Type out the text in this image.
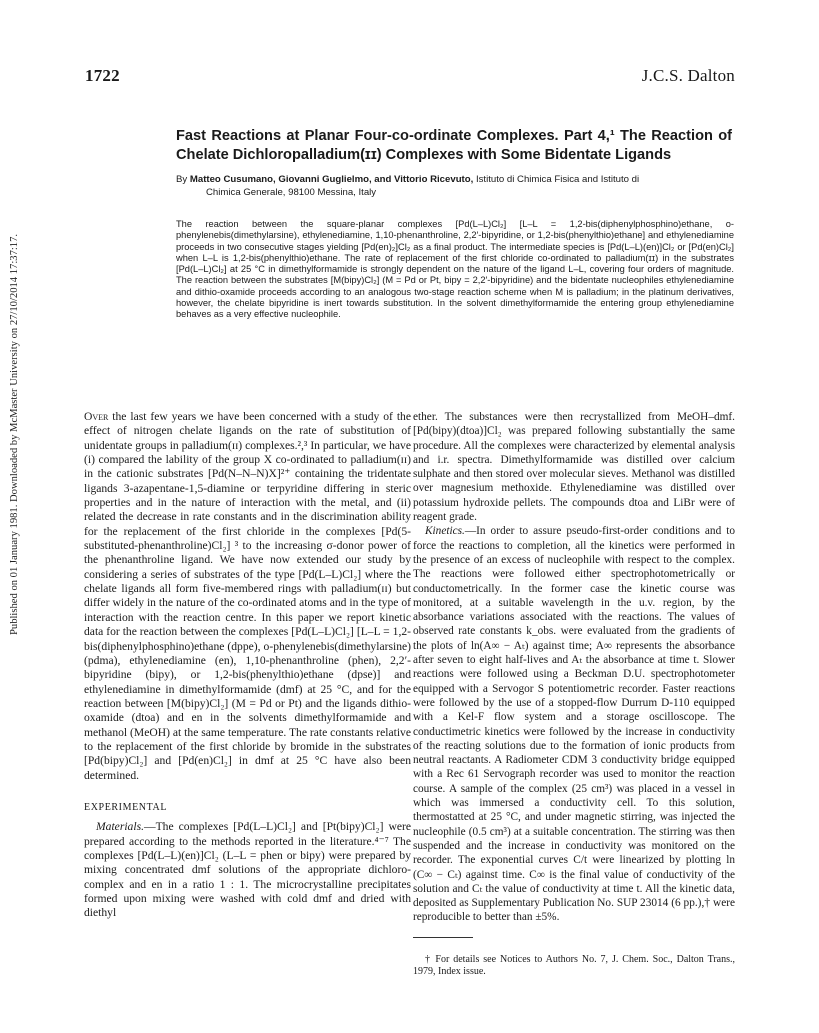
Published on 01 January 1981. Downloaded by McMaster University on 27/10/2014 17:37:17.
1722	J.C.S. Dalton
Fast Reactions at Planar Four-co-ordinate Complexes. Part 4,¹ The Reaction of Chelate Dichloropalladium(ɪɪ) Complexes with Some Bidentate Ligands
By Matteo Cusumano, Giovanni Guglielmo, and Vittorio Ricevuto, Istituto di Chimica Fisica and Istituto di
Chimica Generale, 98100 Messina, Italy

The reaction between the square-planar complexes [Pd(L–L)Cl₂] [L–L = 1,2-bis(diphenylphosphino)ethane, o-phenylenebis(dimethylarsine), ethylenediamine, 1,10-phenanthroline, 2,2′-bipyridine, or 1,2-bis(phenylthio)ethane] and ethylenediamine proceeds in two consecutive stages yielding [Pd(en)₂]Cl₂ as a final product. The intermediate species is [Pd(L–L)(en)]Cl₂ or [Pd(en)Cl₂] when L–L is 1,2-bis(phenylthio)ethane. The rate of replacement of the first chloride co-ordinated to palladium(ɪɪ) in the substrates [Pd(L–L)Cl₂] at 25 °C in dimethylformamide is strongly dependent on the nature of the ligand L–L, covering four orders of magnitude. The reaction between the substrates [M(bipy)Cl₂] (M = Pd or Pt, bipy = 2,2′-bipyridine) and the bidentate nucleophiles ethylenediamine and dithio-oxamide proceeds according to an analogous two-stage reaction scheme when M is palladium; in the platinum derivatives, however, the chelate bipyridine is inert towards substitution. In the solvent dimethylformamide the entering group ethylenediamine behaves as a very effective nucleophile.

Over the last few years we have been concerned with a study of the effect of nitrogen chelate ligands on the rate of substitution of unidentate groups in palladium(ɪɪ) complexes.²,³ In particular, we have (i) compared the lability of the group X co-ordinated to palladium(ɪɪ) in the cationic substrates [Pd(N–N–N)X]²⁺ containing the tridentate ligands 3-azapentane-1,5-diamine or terpyridine differing in steric properties and in the nature of interaction with the metal, and (ii) related the decrease in rate constants and in the discrimination ability for the replacement of the first chloride in the complexes [Pd(5-substituted-phenanthroline)Cl₂] ³ to the increasing σ-donor power of the phenanthroline ligand. We have now extended our study by considering a series of substrates of the type [Pd(L–L)Cl₂] where the chelate ligands all form five-membered rings with palladium(ɪɪ) but differ widely in the nature of the co-ordinated atoms and in the type of interaction with the reaction centre. In this paper we report kinetic data for the reaction between the complexes [Pd(L–L)Cl₂] [L–L = 1,2-bis(diphenylphosphino)ethane (dppe), o-phenylenebis(dimethylarsine) (pdma), ethylenediamine (en), 1,10-phenanthroline (phen), 2,2′-bipyridine (bipy), or 1,2-bis(phenylthio)ethane (dpse)] and ethylenediamine in dimethylformamide (dmf) at 25 °C, and for the reaction between [M(bipy)Cl₂] (M = Pd or Pt) and the ligands dithio-oxamide (dtoa) and en in the solvents dimethylformamide and methanol (MeOH) at the same temperature. The rate constants relative to the replacement of the first chloride by bromide in the substrates [Pd(bipy)Cl₂] and [Pd(en)Cl₂] in dmf at 25 °C have also been determined.

EXPERIMENTAL

Materials.—The complexes [Pd(L–L)Cl₂] and [Pt(bipy)Cl₂] were prepared according to the methods reported in the literature.⁴⁻⁷ The complexes [Pd(L–L)(en)]Cl₂ (L–L = phen or bipy) were prepared by mixing concentrated dmf solutions of the appropriate dichloro-complex and en in a ratio 1 : 1. The microcrystalline precipitates formed upon mixing were washed with cold dmf and dried with diethyl

ether. The substances were then recrystallized from MeOH–dmf. [Pd(bipy)(dtoa)]Cl₂ was prepared following substantially the same procedure. All the complexes were characterized by elemental analysis and i.r. spectra. Dimethylformamide was distilled over calcium sulphate and then stored over molecular sieves. Methanol was distilled over magnesium methoxide. Ethylenediamine was distilled over potassium hydroxide pellets. The compounds dtoa and LiBr were of reagent grade.

Kinetics.—In order to assure pseudo-first-order conditions and to force the reactions to completion, all the kinetics were performed in the presence of an excess of nucleophile with respect to the complex. The reactions were followed either spectrophotometrically or conductometrically. In the former case the kinetic course was monitored, at a suitable wavelength in the u.v. region, by the absorbance variations associated with the reactions. The values of observed rate constants k_obs. were evaluated from the gradients of the plots of ln(A∞ − Aₜ) against time; A∞ represents the absorbance after seven to eight half-lives and Aₜ the absorbance at time t. Slower reactions were followed using a Beckman D.U. spectrophotometer equipped with a Servogor S potentiometric recorder. Faster reactions were followed by the use of a stopped-flow Durrum D-110 equipped with a Kel-F flow system and a storage oscilloscope. The conductimetric kinetics were followed by the increase in conductivity of the reacting solutions due to the formation of ionic products from neutral reactants. A Radiometer CDM 3 conductivity bridge equipped with a Rec 61 Servograph recorder was used to monitor the reaction course. A sample of the complex (25 cm³) was placed in a vessel in which was immersed a conductivity cell. To this solution, thermostatted at 25 °C, and under magnetic stirring, was injected the nucleophile (0.5 cm³) at a suitable concentration. The stirring was then suspended and the increase in conductivity was monitored on the recorder. The exponential curves C/t were linearized by plotting ln (C∞ − Cₜ) against time. C∞ is the final value of conductivity of the solution and Cₜ the value of conductivity at time t. All the kinetic data, deposited as Supplementary Publication No. SUP 23014 (6 pp.),† were reproducible to better than ±5%.

† For details see Notices to Authors No. 7, J. Chem. Soc., Dalton Trans., 1979, Index issue.
